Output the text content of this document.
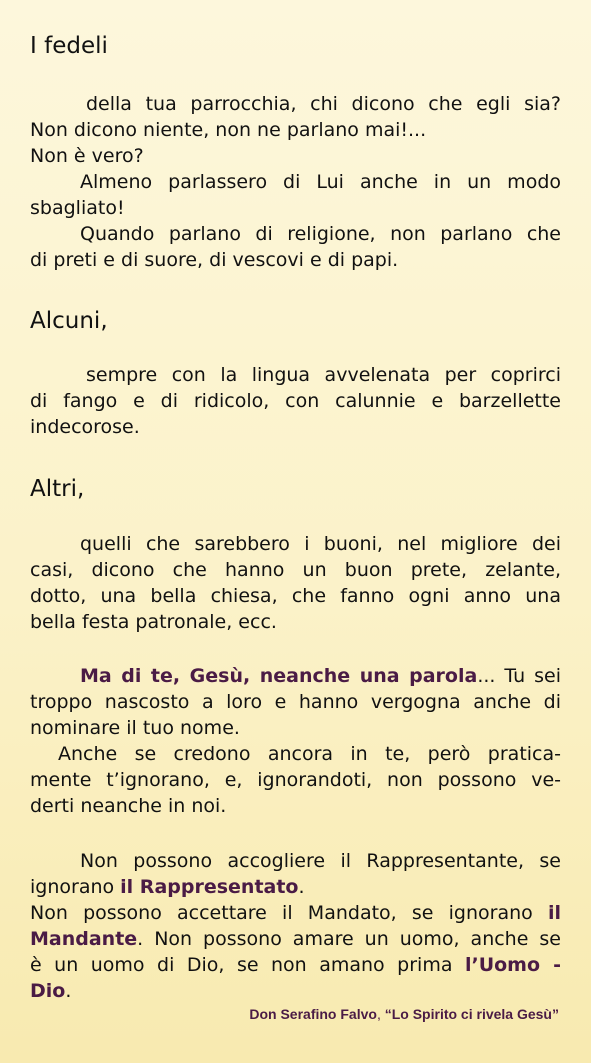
I fedeli
della tua parrocchia, chi dicono che egli sia?
Non dicono niente, non ne parlano mai!...
Non è vero?
Almeno parlassero di Lui anche in un modo
sbagliato!
Quando parlano di religione, non parlano che
di preti e di suore, di vescovi e di papi.
Alcuni,
sempre con la lingua avvelenata per coprirci
di fango e di ridicolo, con calunnie e barzellette
indecorose.
Altri,
quelli che sarebbero i buoni, nel migliore dei
casi, dicono che hanno un buon prete, zelante,
dotto, una bella chiesa, che fanno ogni anno una
bella festa patronale, ecc.
Ma di te, Gesù, neanche una parola... Tu sei
troppo nascosto a loro e hanno vergogna anche di
nominare il tuo nome.
Anche se credono ancora in te, però pratica-
mente t’ignorano, e, ignorandoti, non possono ve-
derti neanche in noi.
Non possono accogliere il Rappresentante, se
ignorano il Rappresentato.
Non possono accettare il Mandato, se ignorano il
Mandante. Non possono amare un uomo, anche se
è un uomo di Dio, se non amano prima l’Uomo -
Dio.
Don Serafino Falvo, “Lo Spirito ci rivela Gesù”
